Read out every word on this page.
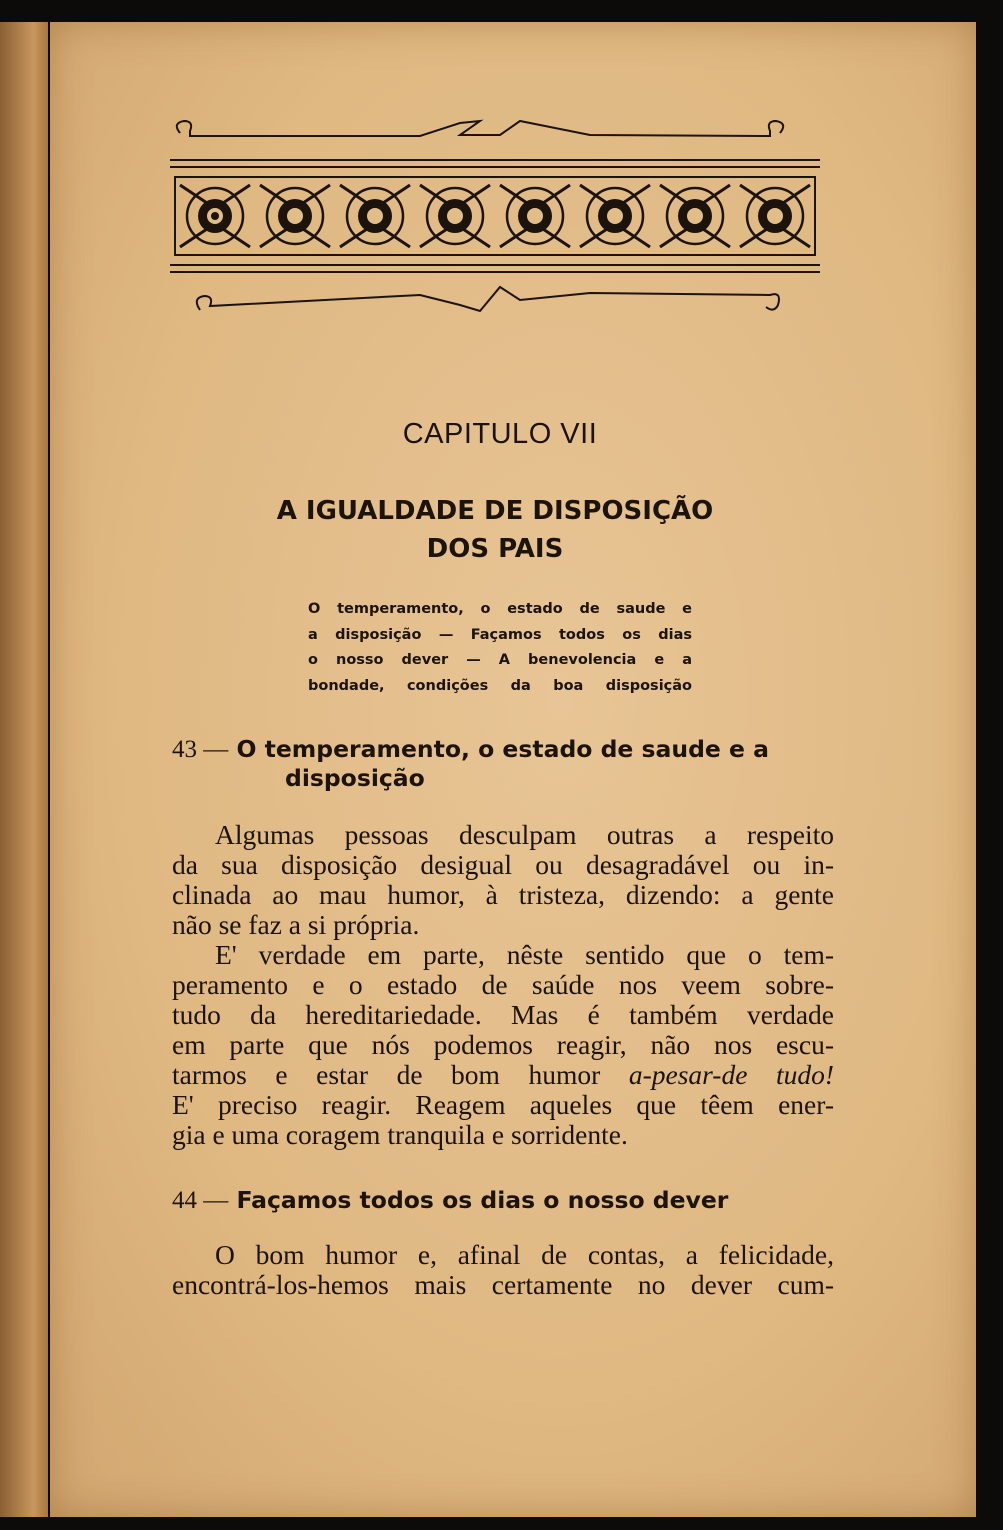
CAPITULO VII
A IGUALDADE DE DISPOSIÇÃO
DOS PAIS
O temperamento, o estado de saude e
a disposição — Façamos todos os dias
o nosso dever — A benevolencia e a
bondade, condições da boa disposição
43 — O temperamento, o estado de saude e a
disposição
Algumas pessoas desculpam outras a respeito
da sua disposição desigual ou desagradável ou in-
clinada ao mau humor, à tristeza, dizendo: a gente
não se faz a si própria.
E' verdade em parte, nêste sentido que o tem-
peramento e o estado de saúde nos veem sobre-
tudo da hereditariedade. Mas é também verdade
em parte que nós podemos reagir, não nos escu-
tarmos e estar de bom humor a-pesar-de tudo!
E' preciso reagir. Reagem aqueles que têem ener-
gia e uma coragem tranquila e sorridente.
44 — Façamos todos os dias o nosso dever
O bom humor e, afinal de contas, a felicidade,
encontrá-los-hemos mais certamente no dever cum-
